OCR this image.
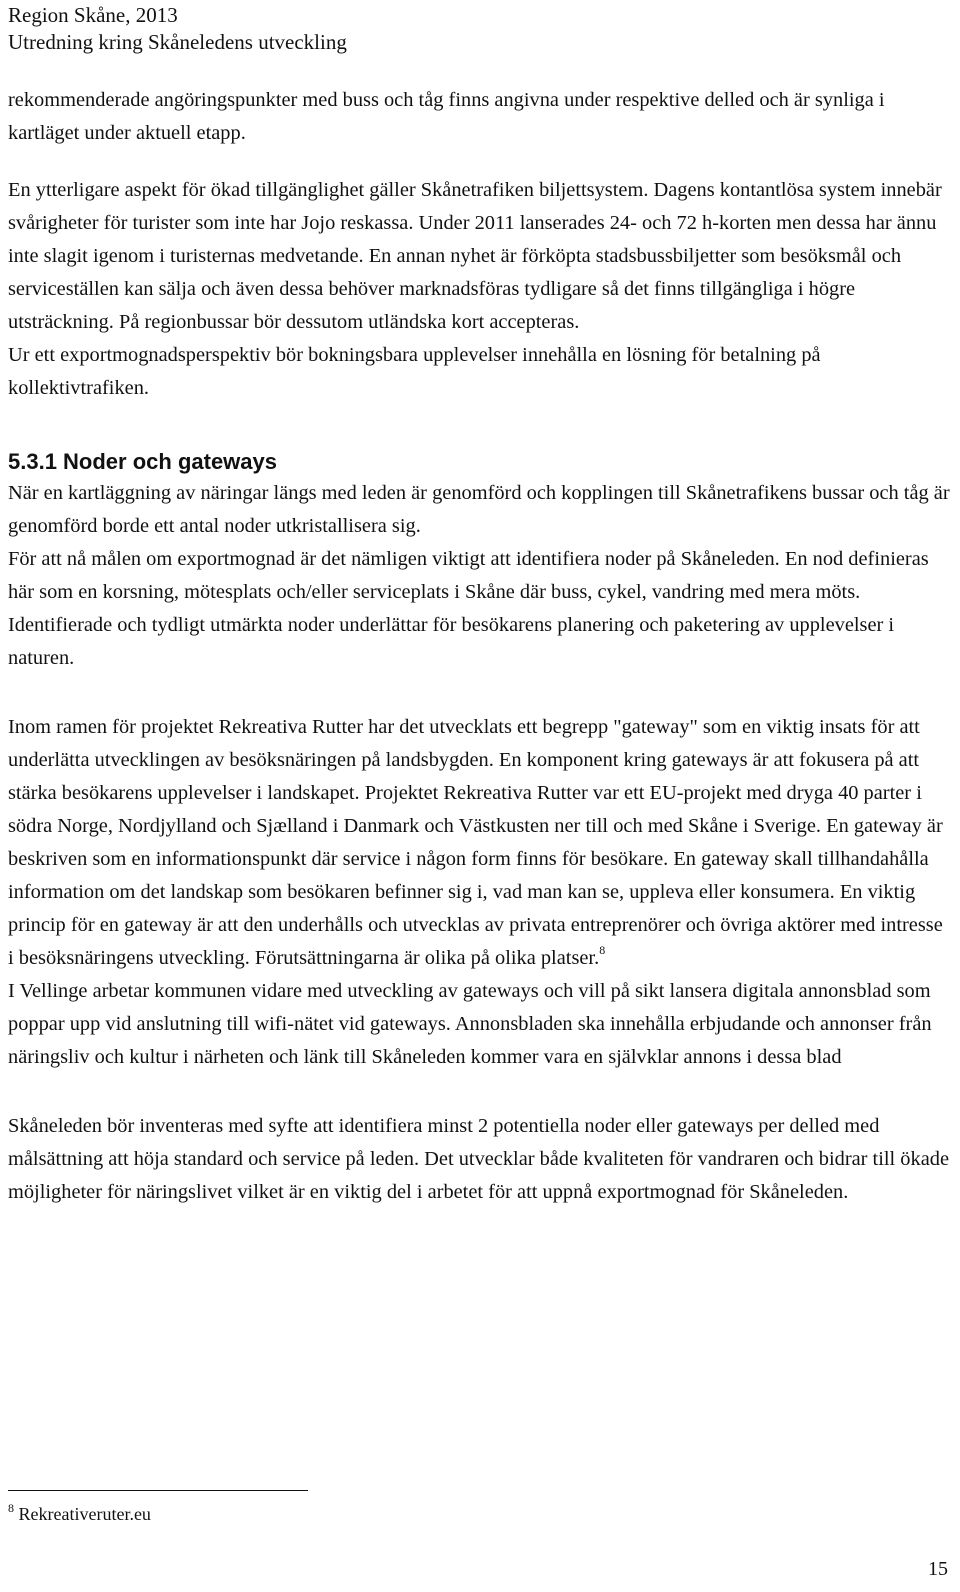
Region Skåne, 2013
Utredning kring Skåneledens utveckling

rekommenderade angöringspunkter med buss och tåg finns angivna under respektive delled och är synliga i kartläget under aktuell etapp.

En ytterligare aspekt för ökad tillgänglighet gäller Skånetrafiken biljettsystem. Dagens kontantlösa system innebär svårigheter för turister som inte har Jojo reskassa. Under 2011 lanserades 24- och 72 h-korten men dessa har ännu inte slagit igenom i turisternas medvetande. En annan nyhet är förköpta stadsbussbiljetter som besöksmål och serviceställen kan sälja och även dessa behöver marknadsföras tydligare så det finns tillgängliga i högre utsträckning. På regionbussar bör dessutom utländska kort accepteras.

Ur ett exportmognadsperspektiv bör bokningsbara upplevelser innehålla en lösning för betalning på kollektivtrafiken.

5.3.1 Noder och gateways

När en kartläggning av näringar längs med leden är genomförd och kopplingen till Skånetrafikens bussar och tåg är genomförd borde ett antal noder utkristallisera sig.

För att nå målen om exportmognad är det nämligen viktigt att identifiera noder på Skåneleden. En nod definieras här som en korsning, mötesplats och/eller serviceplats i Skåne där buss, cykel, vandring med mera möts. Identifierade och tydligt utmärkta noder underlättar för besökarens planering och paketering av upplevelser i naturen.

Inom ramen för projektet Rekreativa Rutter har det utvecklats ett begrepp "gateway" som en viktig insats för att underlätta utvecklingen av besöksnäringen på landsbygden. En komponent kring gateways är att fokusera på att stärka besökarens upplevelser i landskapet. Projektet Rekreativa Rutter var ett EU-projekt med dryga 40 parter i södra Norge, Nordjylland och Sjælland i Danmark och Västkusten ner till och med Skåne i Sverige. En gateway är beskriven som en informationspunkt där service i någon form finns för besökare. En gateway skall tillhandahålla information om det landskap som besökaren befinner sig i, vad man kan se, uppleva eller konsumera. En viktig princip för en gateway är att den underhålls och utvecklas av privata entreprenörer och övriga aktörer med intresse i besöksnäringens utveckling. Förutsättningarna är olika på olika platser.$^8$

I Vellinge arbetar kommunen vidare med utveckling av gateways och vill på sikt lansera digitala annonsblad som poppar upp vid anslutning till wifi-nätet vid gateways. Annonsbladen ska innehålla erbjudande och annonser från näringsliv och kultur i närheten och länk till Skåneleden kommer vara en självklar annons i dessa blad

Skåneleden bör inventeras med syfte att identifiera minst 2 potentiella noder eller gateways per delled med målsättning att höja standard och service på leden. Det utvecklar både kvaliteten för vandraren och bidrar till ökade möjligheter för näringslivet vilket är en viktig del i arbetet för att uppnå exportmognad för Skåneleden.

$^8$ Rekreativeruter.eu
15
